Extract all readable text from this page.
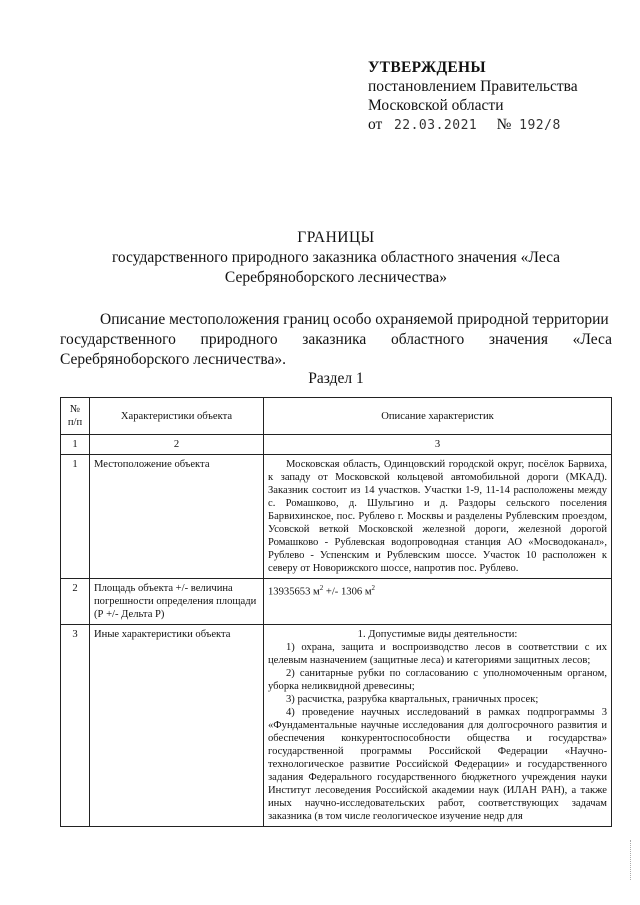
УТВЕРЖДЕНЫ
постановлением Правительства
Московской области
от 22.03.2021 № 192/8
ГРАНИЦЫ
государственного природного заказника областного значения «Леса
Серебряноборского лесничества»
Описание местоположения границ особо охраняемой природной территории
государственного природного заказника областного значения «Леса
Серебряноборского лесничества».
Раздел 1
№ п/п	Характеристики объекта	Описание характеристик
1	2	3
1	Местоположение объекта	Московская область, Одинцовский городской округ, посёлок Барвиха, к западу от Московской кольцевой автомобильной дороги (МКАД). Заказник состоит из 14 участков. Участки 1-9, 11-14 расположены между с. Ромашково, д. Шульгино и д. Раздоры сельского поселения Барвихинское, пос. Рублево г. Москвы и разделены Рублевским проездом, Усовской веткой Московской железной дороги, железной дорогой Ромашково - Рублевская водопроводная станция АО «Мосводоканал», Рублево - Успенским и Рублевским шоссе. Участок 10 расположен к северу от Новорижского шоссе, напротив пос. Рублево.

2	Площадь объекта +/- величина погрешности определения площади (Р +/- Дельта Р)	13935653 $м^2$ +/- 1306 $м^2$
3	Иные характеристики объекта	1. Допустимые виды деятельности:
1) охрана, защита и воспроизводство лесов в соответствии с их целевым назначением (защитные леса) и категориями защитных лесов;
2) санитарные рубки по согласованию с уполномоченным органом, уборка неликвидной древесины;
3) расчистка, разрубка квартальных, граничных просек;
4) проведение научных исследований в рамках подпрограммы 3 «Фундаментальные научные исследования для долгосрочного развития и обеспечения конкурентоспособности общества и государства» государственной программы Российской Федерации «Научно-технологическое развитие Российской Федерации» и государственного задания Федерального государственного бюджетного учреждения науки Институт лесоведения Российской академии наук (ИЛАН РАН), а также иных научно-исследовательских работ, соответствующих задачам заказника (в том числе геологическое изучение недр для
